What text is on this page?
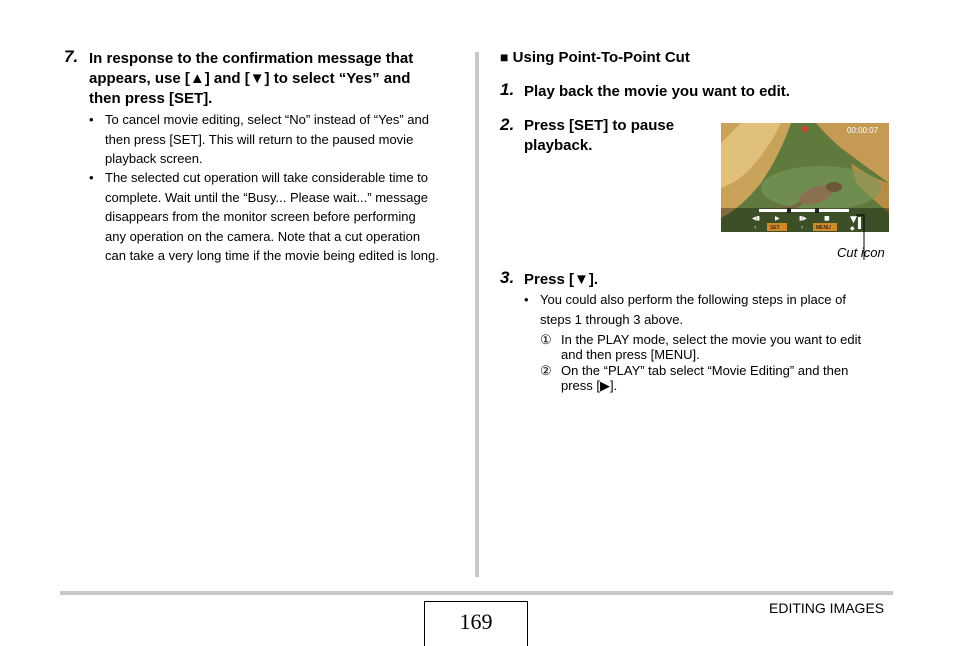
7. In response to the confirmation message that
appears, use [▲] and [▼] to select “Yes” and
then press [SET].
• To cancel movie editing, select “No” instead of “Yes” and
then press [SET]. This will return to the paused movie
playback screen.
• The selected cut operation will take considerable time to
complete. Wait until the “Busy... Please wait...” message
disappears from the monitor screen before performing
any operation on the camera. Note that a cut operation
can take a very long time if the movie being edited is long.
■ Using Point-To-Point Cut
1. Play back the movie you want to edit.
2. Press [SET] to pause
playback.
00:00:07
◀▮	▶	▮▶	■ ▼
‹	SET	›	MENU	◆
Cut icon
3. Press [▼].
• You could also perform the following steps in place of
steps 1 through 3 above.
① In the PLAY mode, select the movie you want to edit
and then press [MENU].
② On the “PLAY” tab select “Movie Editing” and then
press [▶].
169
EDITING IMAGES
